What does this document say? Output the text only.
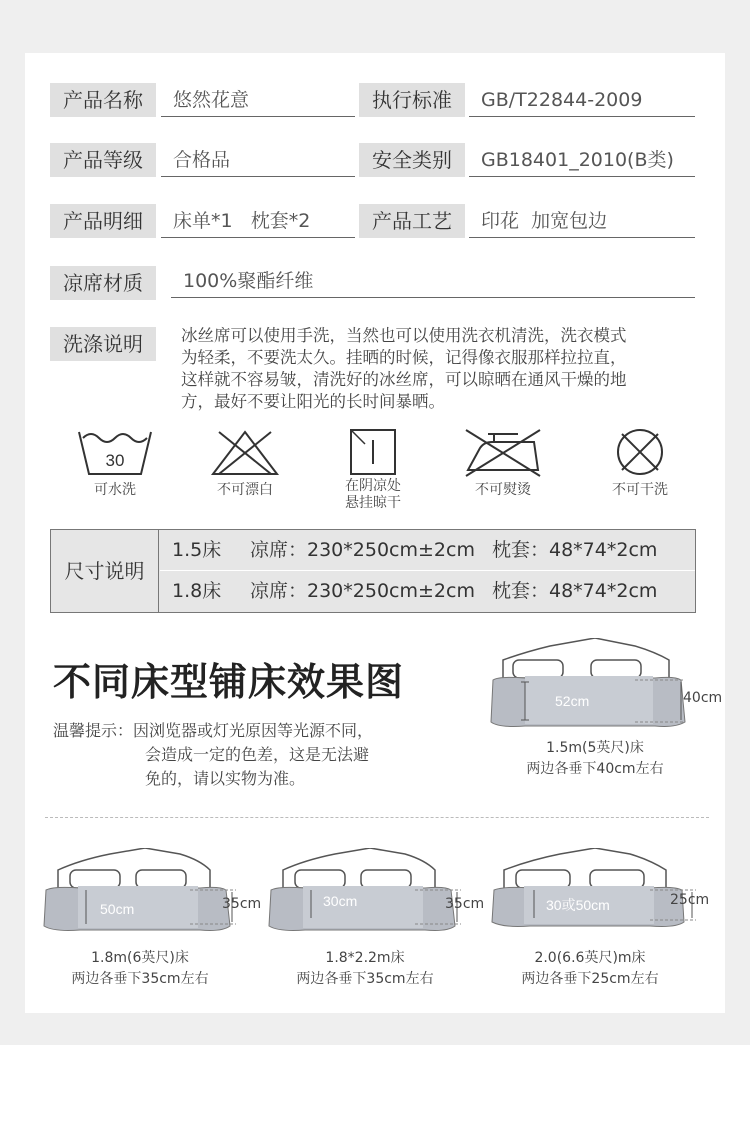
产品名称	悠然花意	执行标准	GB/T22844-2009
产品等级	合格品	安全类别	GB18401_2010(B类)
产品明细	床单*1   枕套*2	产品工艺	印花  加宽包边
凉席材质	100%聚酯纤维
洗涤说明	冰丝席可以使用手洗，当然也可以使用洗衣机清洗，洗衣模式
为轻柔，不要洗太久。挂晒的时候，记得像衣服那样拉拉直，
这样就不容易皱，清洗好的冰丝席，可以晾晒在通风干燥的地
方，最好不要让阳光的长时间暴晒。
30
可水洗	不可漂白	在阴凉处
悬挂晾干
不可熨烫	不可干洗
尺寸说明
1.5床 凉席：230*250cm±2cm 枕套：48*74*2cm
1.8床 凉席：230*250cm±2cm 枕套：48*74*2cm
不同床型铺床效果图
温馨提示：因浏览器或灯光原因等光源不同，
会造成一定的色差，这是无法避
免的，请以实物为准。
52cm	40cm
1.5m(5英尺)床
两边各垂下40cm左右
50cm	35cm
1.8m(6英尺)床
两边各垂下35cm左右
30cm	35cm
1.8*2.2m床
两边各垂下35cm左右
30或50cm	25cm
2.0(6.6英尺)m床
两边各垂下25cm左右
